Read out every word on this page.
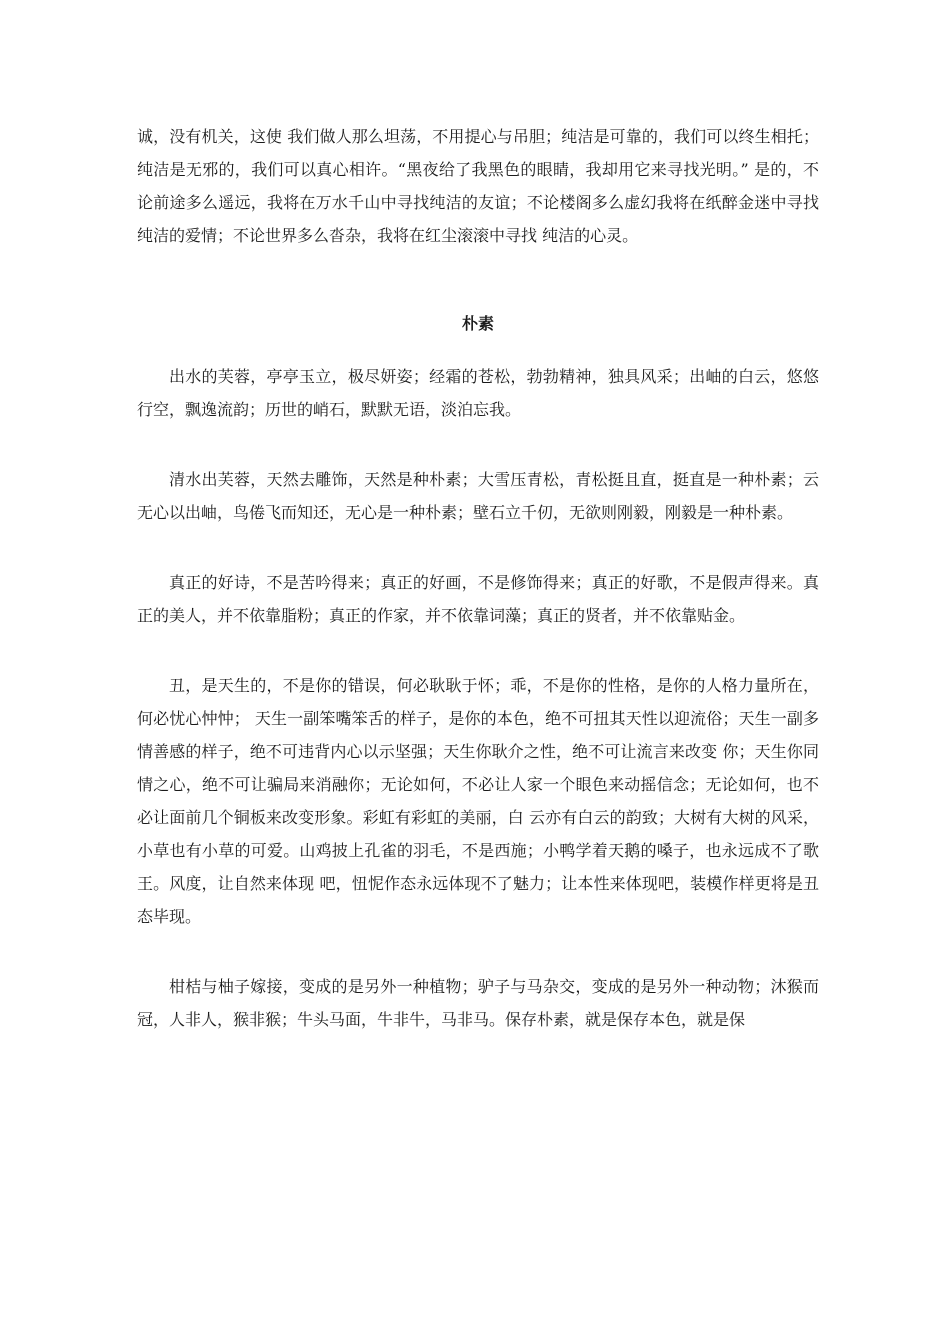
诚，没有机关，这使 我们做人那么坦荡，不用提心与吊胆；纯洁是可靠的，我们可以终生相托；纯洁是无邪的，我们可以真心相许。“黑夜给了我黑色的眼睛，我却用它来寻找光明。” 是的，不论前途多么遥远，我将在万水千山中寻找纯洁的友谊；不论楼阁多么虚幻我将在纸醉金迷中寻找纯洁的爱情；不论世界多么沓杂，我将在红尘滚滚中寻找 纯洁的心灵。

朴素

出水的芙蓉，亭亭玉立，极尽妍姿；经霜的苍松，勃勃精神，独具风采；出岫的白云，悠悠行空，飘逸流韵；历世的峭石，默默无语，淡泊忘我。

清水出芙蓉，天然去雕饰，天然是种朴素；大雪压青松，青松挺且直，挺直是一种朴素；云无心以出岫，鸟倦飞而知还，无心是一种朴素；壁石立千仞，无欲则刚毅，刚毅是一种朴素。

真正的好诗，不是苦吟得来；真正的好画，不是修饰得来；真正的好歌，不是假声得来。真正的美人，并不依靠脂粉；真正的作家，并不依靠词藻；真正的贤者，并不依靠贴金。

丑，是天生的，不是你的错误，何必耿耿于怀；乖，不是你的性格，是你的人格力量所在，何必忧心忡忡； 天生一副笨嘴笨舌的样子，是你的本色，绝不可扭其天性以迎流俗；天生一副多情善感的样子，绝不可违背内心以示坚强；天生你耿介之性，绝不可让流言来改变 你；天生你同情之心，绝不可让骗局来消融你；无论如何，不必让人家一个眼色来动摇信念；无论如何，也不必让面前几个铜板来改变形象。彩虹有彩虹的美丽，白 云亦有白云的韵致；大树有大树的风采，小草也有小草的可爱。山鸡披上孔雀的羽毛，不是西施；小鸭学着天鹅的嗓子，也永远成不了歌王。风度，让自然来体现 吧，忸怩作态永远体现不了魅力；让本性来体现吧，装模作样更将是丑态毕现。

柑桔与柚子嫁接，变成的是另外一种植物；驴子与马杂交，变成的是另外一种动物；沐猴而冠，人非人，猴非猴；牛头马面，牛非牛，马非马。保存朴素，就是保存本色，就是保
